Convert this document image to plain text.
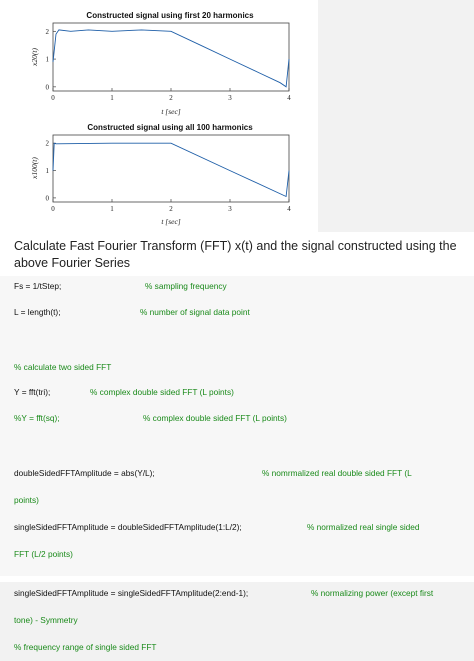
Constructed signal using first 20 harmonics
2
1
0
0	1	2	3	4
x20(t)
t [sec]
Constructed signal using all 100 harmonics
2
1
0
0	1	2	3	4
x100(t)
t [sec]
Calculate Fast Fourier Transform (FFT) x(t) and the signal constructed using the above Fourier Series
Fs = 1/tStep;	% sampling frequency
L = length(t);	% number of signal data point
% calculate two sided FFT
Y = fft(tri);	% complex double sided FFT (L points)
%Y = fft(sq);	% complex double sided FFT (L points)
doubleSidedFFTAmplitude = abs(Y/L);	% nomrmalized real double sided FFT (L
points)
singleSidedFFTAmplitude = doubleSidedFFTAmplitude(1:L/2);	% normalized real single sided
FFT (L/2 points)
singleSidedFFTAmplitude = singleSidedFFTAmplitude(2:end-1);	% normalizing power (except first
tone) - Symmetry
% frequency range of single sided FFT
